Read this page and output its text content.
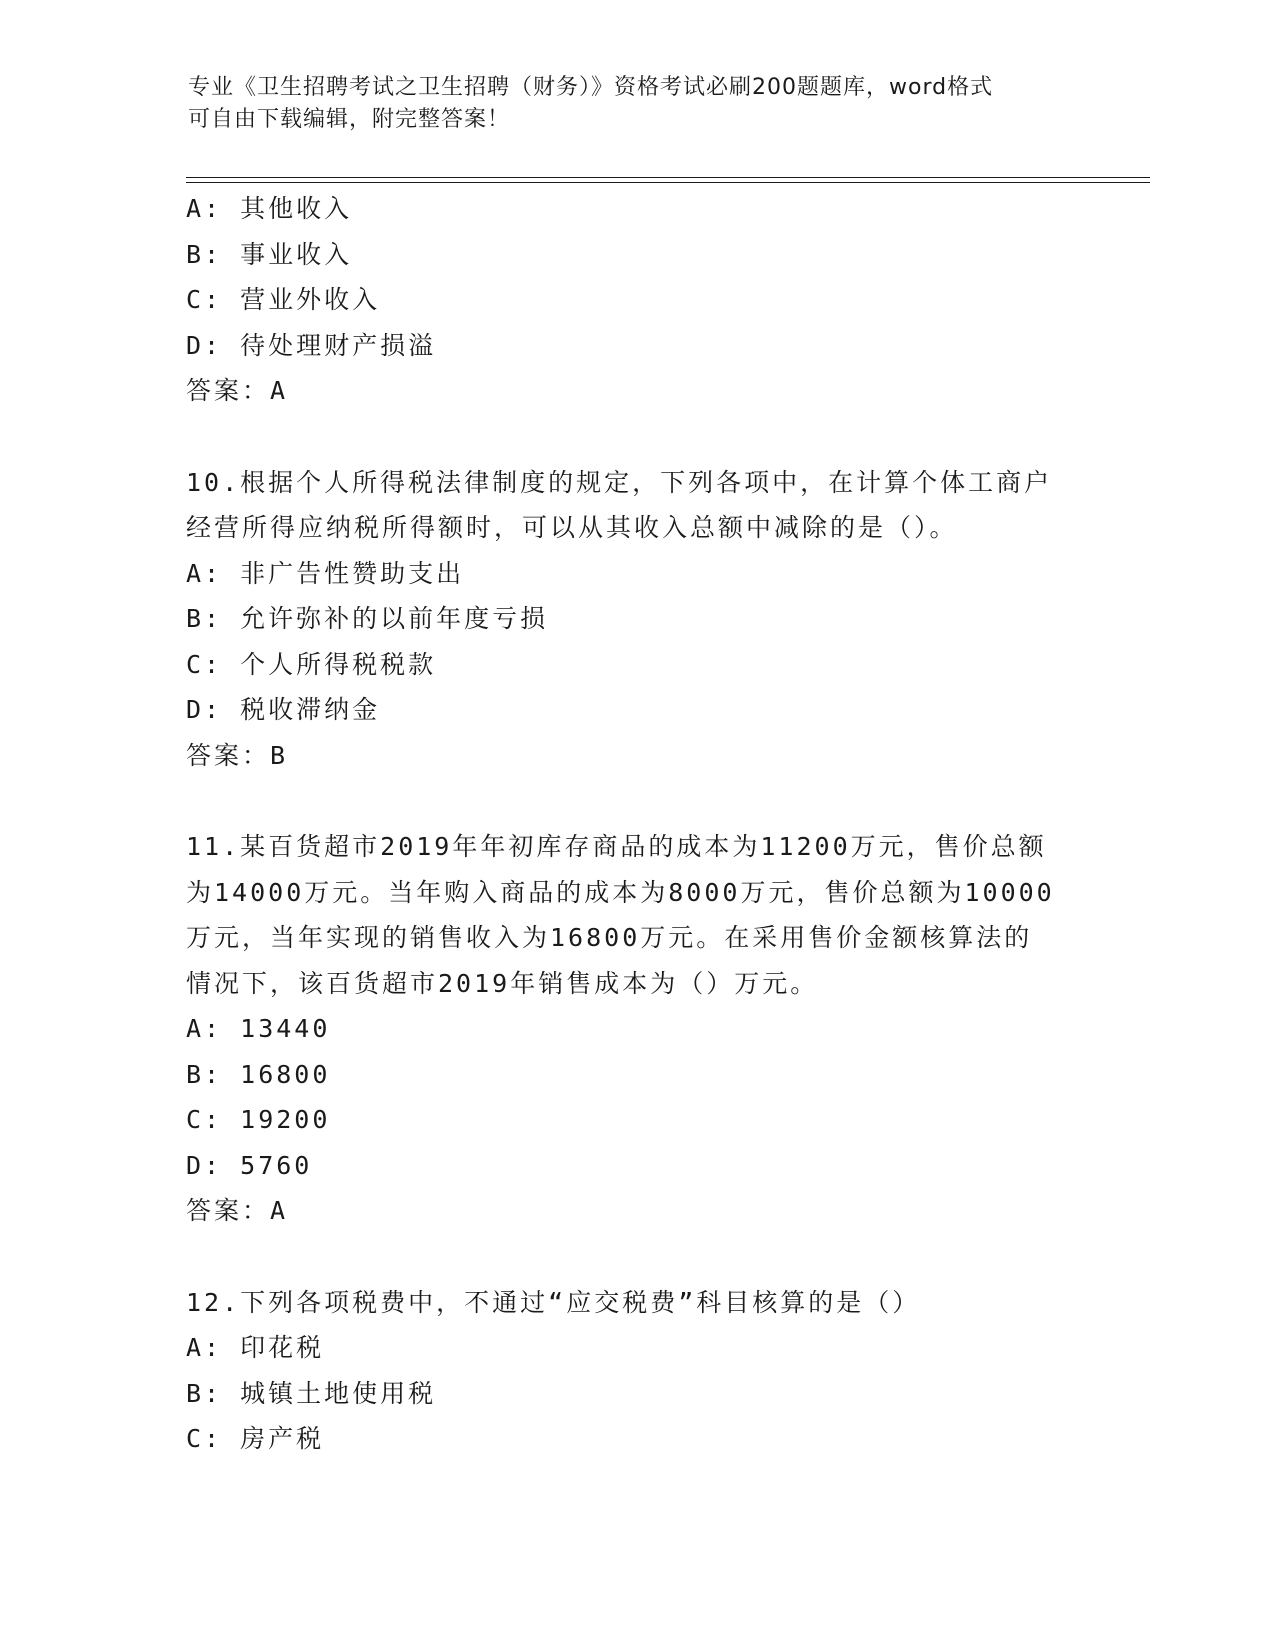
专业《卫生招聘考试之卫生招聘（财务）》资格考试必刷200题题库，word格式
可自由下载编辑，附完整答案！
A: 其他收入
B: 事业收入
C: 营业外收入
D: 待处理财产损溢
答案：A
10.根据个人所得税法律制度的规定，下列各项中，在计算个体工商户
经营所得应纳税所得额时，可以从其收入总额中减除的是（）。
A: 非广告性赞助支出
B: 允许弥补的以前年度亏损
C: 个人所得税税款
D: 税收滞纳金
答案：B
11.某百货超市2019年年初库存商品的成本为11200万元，售价总额
为14000万元。当年购入商品的成本为8000万元，售价总额为10000
万元，当年实现的销售收入为16800万元。在采用售价金额核算法的
情况下，该百货超市2019年销售成本为（）万元。
A: 13440
B: 16800
C: 19200
D: 5760
答案：A
12.下列各项税费中，不通过“应交税费”科目核算的是（）
A: 印花税
B: 城镇土地使用税
C: 房产税
